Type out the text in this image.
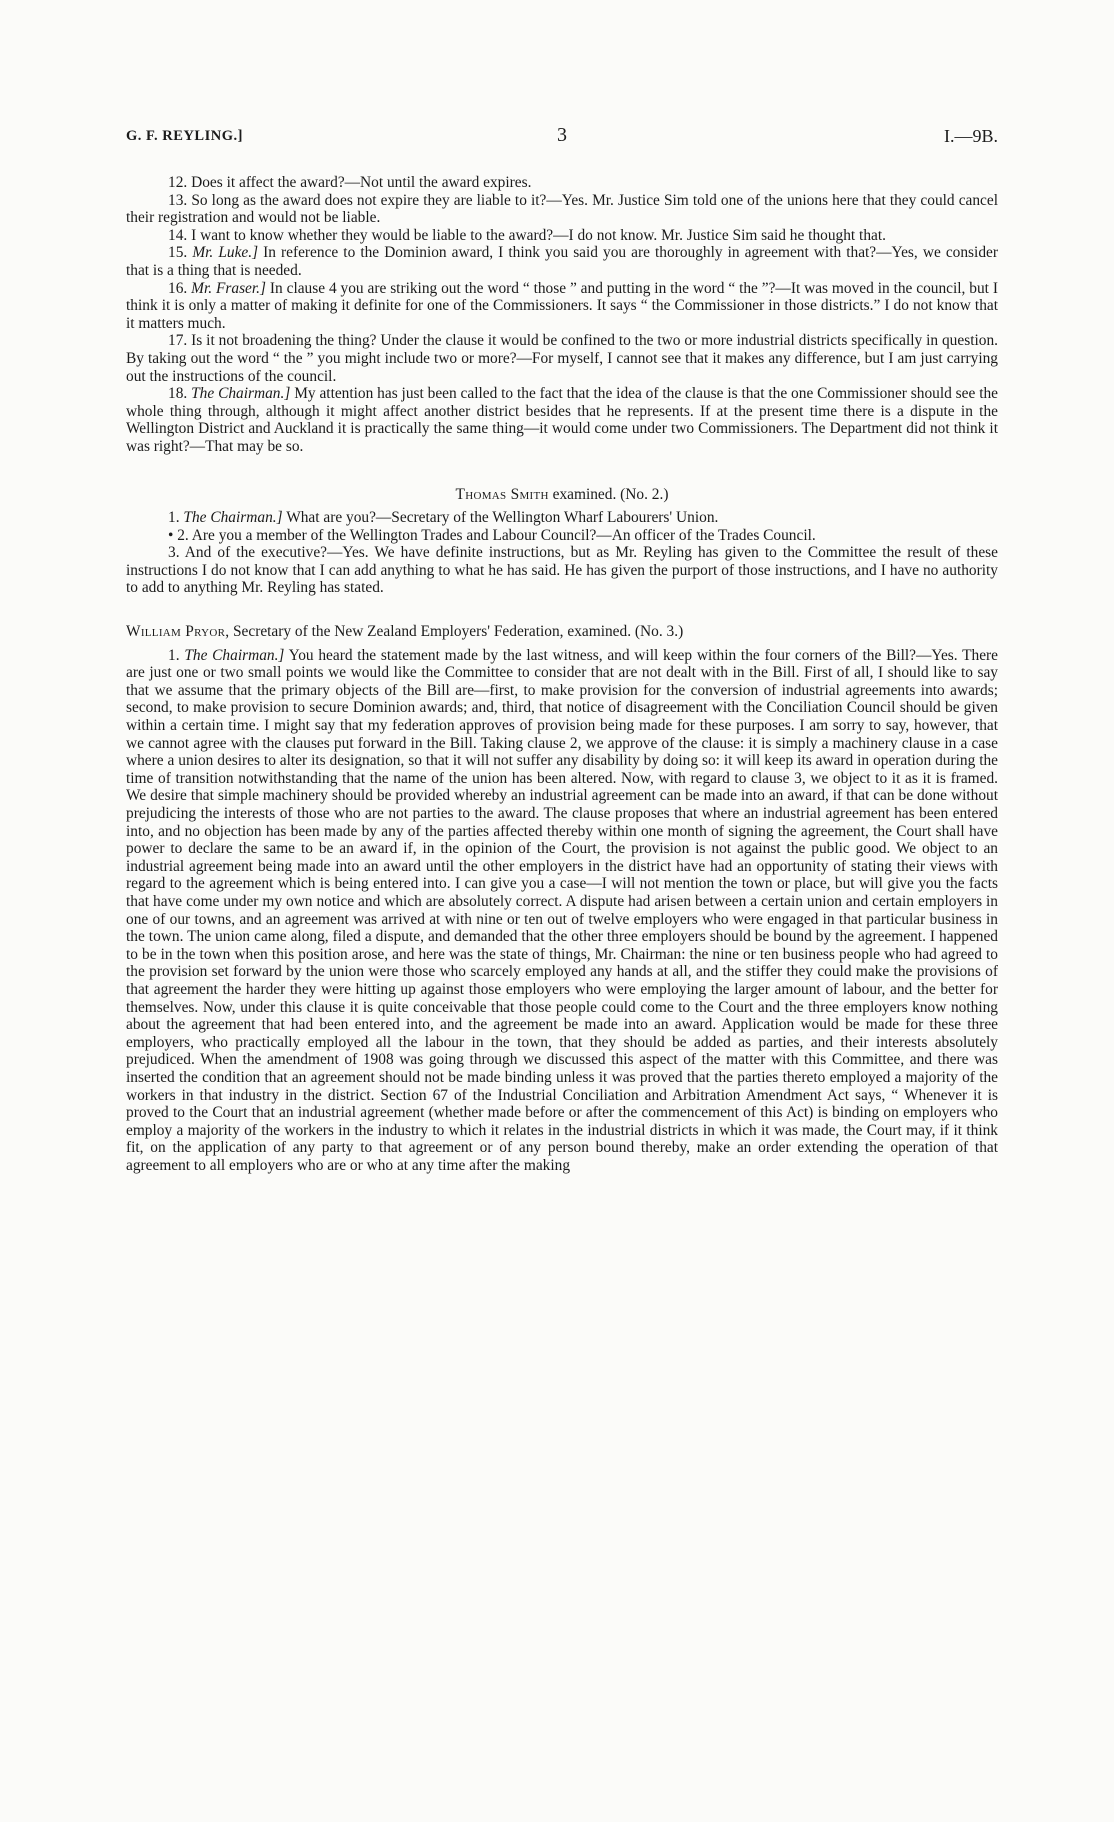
G. F. REYLING.]	3	I.—9B.

12. Does it affect the award?—Not until the award expires.

13. So long as the award does not expire they are liable to it?—Yes. Mr. Justice Sim told one of the unions here that they could cancel their registration and would not be liable.

14. I want to know whether they would be liable to the award?—I do not know. Mr. Justice Sim said he thought that.

15. Mr. Luke.] In reference to the Dominion award, I think you said you are thoroughly in agreement with that?—Yes, we consider that is a thing that is needed.

16. Mr. Fraser.] In clause 4 you are striking out the word “ those ” and putting in the word “ the ”?—It was moved in the council, but I think it is only a matter of making it definite for one of the Commissioners. It says “ the Commissioner in those districts.” I do not know that it matters much.

17. Is it not broadening the thing? Under the clause it would be confined to the two or more industrial districts specifically in question. By taking out the word “ the ” you might include two or more?—For myself, I cannot see that it makes any difference, but I am just carrying out the instructions of the council.

18. The Chairman.] My attention has just been called to the fact that the idea of the clause is that the one Commissioner should see the whole thing through, although it might affect another district besides that he represents. If at the present time there is a dispute in the Wellington District and Auckland it is practically the same thing—it would come under two Commissioners. The Department did not think it was right?—That may be so.

Thomas Smith examined. (No. 2.)

1. The Chairman.] What are you?—Secretary of the Wellington Wharf Labourers' Union.

• 2. Are you a member of the Wellington Trades and Labour Council?—An officer of the Trades Council.

3. And of the executive?—Yes. We have definite instructions, but as Mr. Reyling has given to the Committee the result of these instructions I do not know that I can add anything to what he has said. He has given the purport of those instructions, and I have no authority to add to anything Mr. Reyling has stated.

William Pryor, Secretary of the New Zealand Employers' Federation, examined. (No. 3.)

1. The Chairman.] You heard the statement made by the last witness, and will keep within the four corners of the Bill?—Yes. There are just one or two small points we would like the Committee to consider that are not dealt with in the Bill. First of all, I should like to say that we assume that the primary objects of the Bill are—first, to make provision for the conversion of industrial agreements into awards; second, to make provision to secure Dominion awards; and, third, that notice of disagreement with the Conciliation Council should be given within a certain time. I might say that my federation approves of provision being made for these purposes. I am sorry to say, however, that we cannot agree with the clauses put forward in the Bill. Taking clause 2, we approve of the clause: it is simply a machinery clause in a case where a union desires to alter its designation, so that it will not suffer any disability by doing so: it will keep its award in operation during the time of transition notwithstanding that the name of the union has been altered. Now, with regard to clause 3, we object to it as it is framed. We desire that simple machinery should be provided whereby an industrial agreement can be made into an award, if that can be done without prejudicing the interests of those who are not parties to the award. The clause proposes that where an industrial agreement has been entered into, and no objection has been made by any of the parties affected thereby within one month of signing the agreement, the Court shall have power to declare the same to be an award if, in the opinion of the Court, the provision is not against the public good. We object to an industrial agreement being made into an award until the other employers in the district have had an opportunity of stating their views with regard to the agreement which is being entered into. I can give you a case—I will not mention the town or place, but will give you the facts that have come under my own notice and which are absolutely correct. A dispute had arisen between a certain union and certain employers in one of our towns, and an agreement was arrived at with nine or ten out of twelve employers who were engaged in that particular business in the town. The union came along, filed a dispute, and demanded that the other three employers should be bound by the agreement. I happened to be in the town when this position arose, and here was the state of things, Mr. Chairman: the nine or ten business people who had agreed to the provision set forward by the union were those who scarcely employed any hands at all, and the stiffer they could make the provisions of that agreement the harder they were hitting up against those employers who were employing the larger amount of labour, and the better for themselves. Now, under this clause it is quite conceivable that those people could come to the Court and the three employers know nothing about the agreement that had been entered into, and the agreement be made into an award. Application would be made for these three employers, who practically employed all the labour in the town, that they should be added as parties, and their interests absolutely prejudiced. When the amendment of 1908 was going through we discussed this aspect of the matter with this Committee, and there was inserted the condition that an agreement should not be made binding unless it was proved that the parties thereto employed a majority of the workers in that industry in the district. Section 67 of the Industrial Conciliation and Arbitration Amendment Act says, “ Whenever it is proved to the Court that an industrial agreement (whether made before or after the commencement of this Act) is binding on employers who employ a majority of the workers in the industry to which it relates in the industrial districts in which it was made, the Court may, if it think fit, on the application of any party to that agreement or of any person bound thereby, make an order extending the operation of that agreement to all employers who are or who at any time after the making
